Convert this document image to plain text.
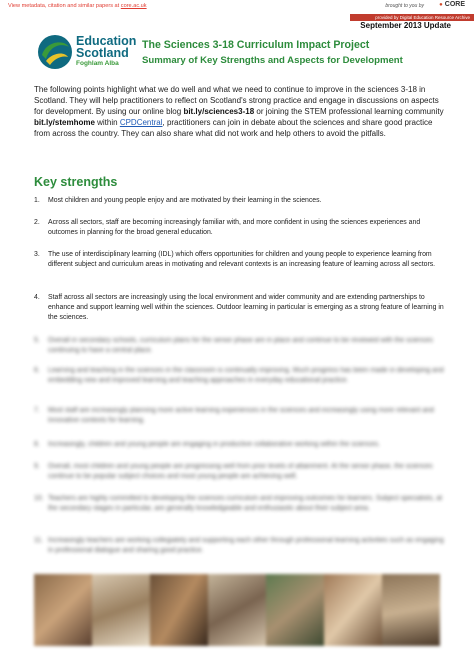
View metadata, citation and similar papers at core.ac.uk	brought to you by
●	CORE
provided by Digital Education Resource Archive
September 2013 Update
Education
Scotland
Foghlam Alba
The Sciences 3-18 Curriculum Impact Project
Summary of Key Strengths and Aspects for Development
The following points highlight what we do well and what we need to continue to improve in the sciences 3-18 in Scotland. They will help practitioners to reflect on Scotland's strong practice and engage in discussions on aspects for development. By using our online blog bit.ly/sciences3-18 or joining the STEM professional learning community bit.ly/stemhome within CPDCentral, practitioners can join in debate about the sciences and share good practice from across the country. They can also share what did not work and help others to avoid the pitfalls.
Key strengths
1. Most children and young people enjoy and are motivated by their learning in the sciences.
2. Across all sectors, staff are becoming increasingly familiar with, and more confident in using the sciences experiences and outcomes in planning for the broad general education.
3. The use of interdisciplinary learning (IDL) which offers opportunities for children and young people to experience learning from different subject and curriculum areas in motivating and relevant contexts is an increasing feature of learning across all sectors.
4. Staff across all sectors are increasingly using the local environment and wider community and are extending partnerships to enhance and support learning well within the sciences. Outdoor learning in particular is emerging as a strong feature of learning in the sciences.
5. Overall in secondary schools, curriculum plans for the senior phase are in place and continue to be reviewed with the sciences continuing to have a central place.
6. Learning and teaching in the sciences in the classroom is continually improving. Much progress has been made in developing and embedding new and improved learning and teaching approaches in everyday educational practice.
7. Most staff are increasingly planning more active learning experiences in the sciences and increasingly using more relevant and innovative contexts for learning.
8. Increasingly, children and young people are engaging in productive collaborative working within the sciences.
9. Overall, most children and young people are progressing well from prior levels of attainment. At the senior phase, the sciences continue to be popular subject choices and most young people are achieving well.
10. Teachers are highly committed to developing the sciences curriculum and improving outcomes for learners. Subject specialists, at the secondary stages in particular, are generally knowledgeable and enthusiastic about their subject area.
11. Increasingly teachers are working collegiately and supporting each other through professional learning activities such as engaging in professional dialogue and sharing good practice.
